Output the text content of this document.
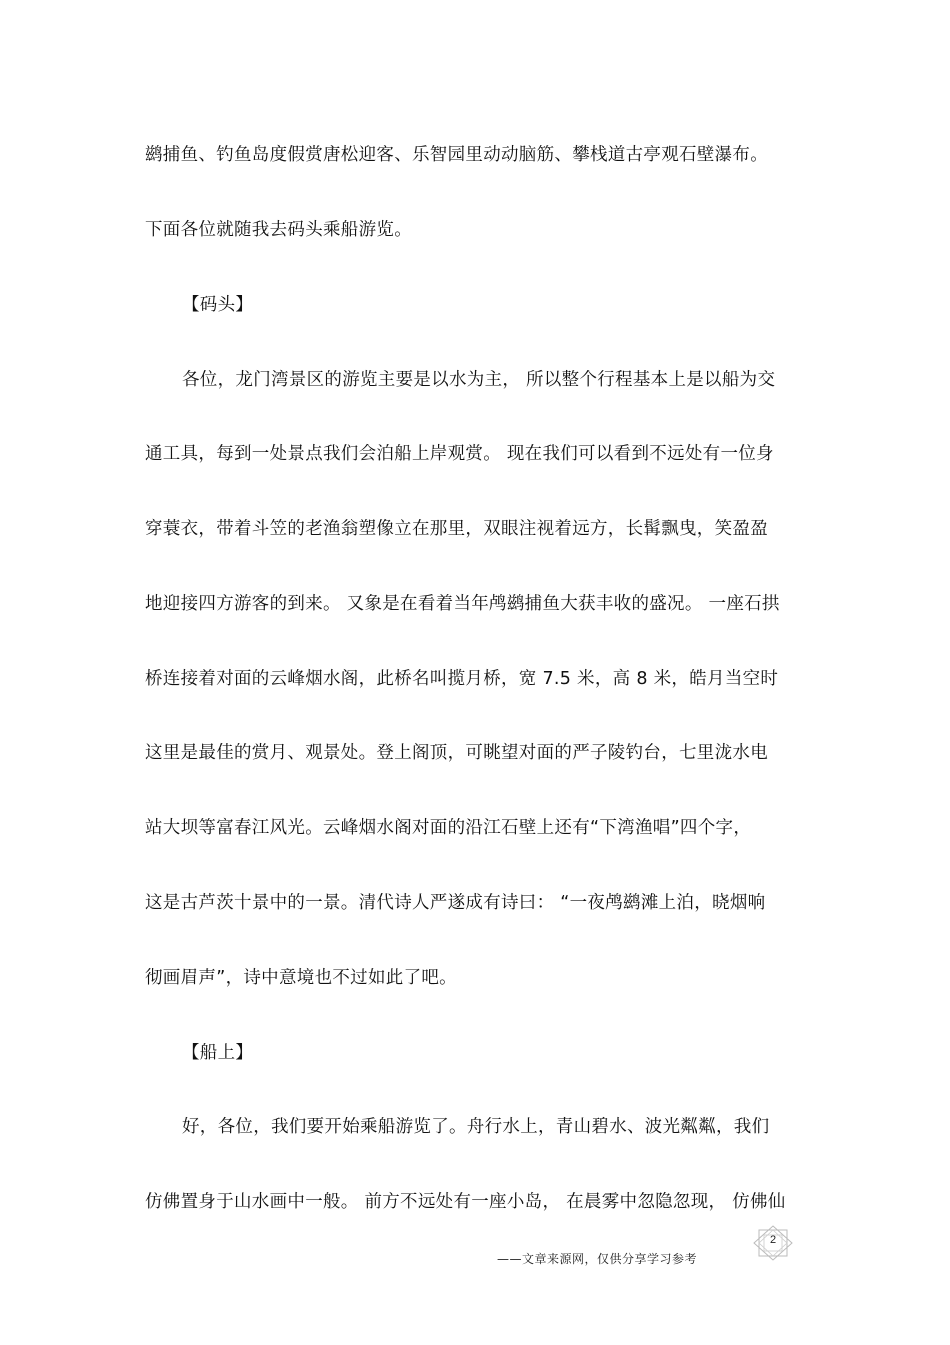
鹚捕鱼、钓鱼岛度假赏唐松迎客、乐智园里动动脑筋、攀栈道古亭观石壁瀑布。
下面各位就随我去码头乘船游览。
【码头】
各位，龙门湾景区的游览主要是以水为主， 所以整个行程基本上是以船为交
通工具，每到一处景点我们会泊船上岸观赏。 现在我们可以看到不远处有一位身
穿蓑衣，带着斗笠的老渔翁塑像立在那里，双眼注视着远方，长髯飘曳，笑盈盈
地迎接四方游客的到来。 又象是在看着当年鸬鹚捕鱼大获丰收的盛况。 一座石拱
桥连接着对面的云峰烟水阁，此桥名叫揽月桥，宽 7.5 米，高 8 米，皓月当空时
这里是最佳的赏月、观景处。登上阁顶，可眺望对面的严子陵钓台，七里泷水电
站大坝等富春江风光。云峰烟水阁对面的沿江石壁上还有“下湾渔唱”四个字，
这是古芦茨十景中的一景。清代诗人严遂成有诗曰： “一夜鸬鹚滩上泊，晓烟响
彻画眉声”，诗中意境也不过如此了吧。
【船上】
好，各位，我们要开始乘船游览了。舟行水上，青山碧水、波光粼粼，我们
仿佛置身于山水画中一般。 前方不远处有一座小岛， 在晨雾中忽隐忽现， 仿佛仙
2
——文章来源网，仅供分享学习参考
